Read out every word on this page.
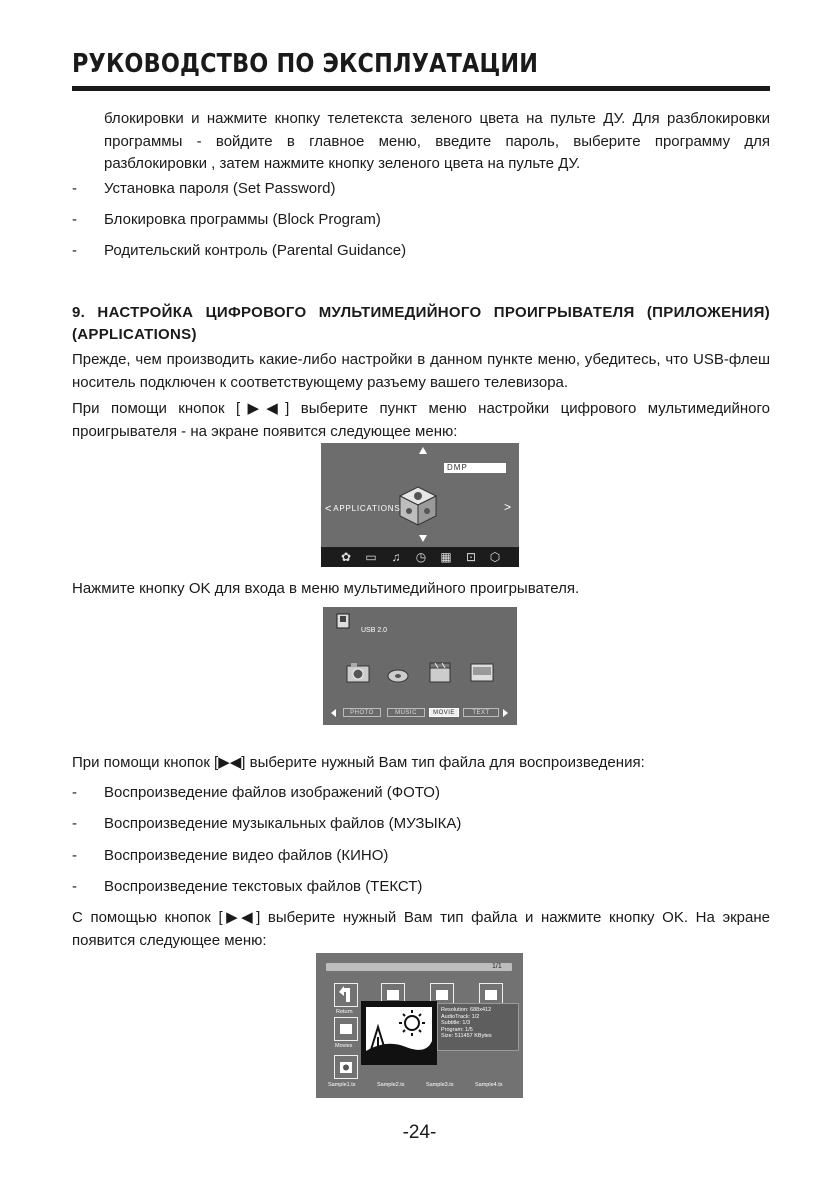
РУКОВОДСТВО ПО ЭКСПЛУАТАЦИИ
блокировки и нажмите кнопку телетекста зеленого цвета на пульте ДУ. Для разблокировки программы - войдите в главное меню, введите пароль, выберите программу для разблокировки , затем нажмите кнопку зеленого цвета на пульте ДУ.
- Установка пароля (Set Password)
- Блокировка программы (Block Program)
- Родительский контроль (Parental Guidance)
9. НАСТРОЙКА ЦИФРОВОГО МУЛЬТИМЕДИЙНОГО ПРОИГРЫВАТЕЛЯ (ПРИЛОЖЕНИЯ)(APPLICATIONS)
Прежде, чем производить какие-либо настройки в данном пункте меню, убедитесь, что USB-флеш носитель подключен к соответствующему разъему вашего телевизора.
При помощи кнопок [▶◀] выберите пункт меню настройки цифрового мультимедийного проигрывателя - на экране появится следующее меню:
DMP
<APPLICATIONS	>
✿ ▭ ♫ ◷ ▦ ⊡ ⬡
Нажмите кнопку OK для входа в меню мультимедийного проигрывателя.
USB 2.0
PHOTO	MUSIC	MOVIE	TEXT
При помощи кнопок [▶◀] выберите нужный Вам тип файла для воспроизведения:
- Воспроизведение файлов изображений (ФОТО)
- Воспроизведение музыкальных файлов (МУЗЫКА)
- Воспроизведение видео файлов (КИНО)
- Воспроизведение текстовых файлов (ТЕКСТ)
С помощью кнопок [▶◀] выберите нужный Вам тип файла и нажмите кнопку OK. На экране появится следующее меню:
1/1
Return
Movies
Sample1.ts	Sample2.ts	Sample3.ts	Sample4.ts
Resolution: 688x412
AudioTrack: 1/2
Subtitle: 1/3
Program: 1/5
Size: 511457 KBytes
-24-
